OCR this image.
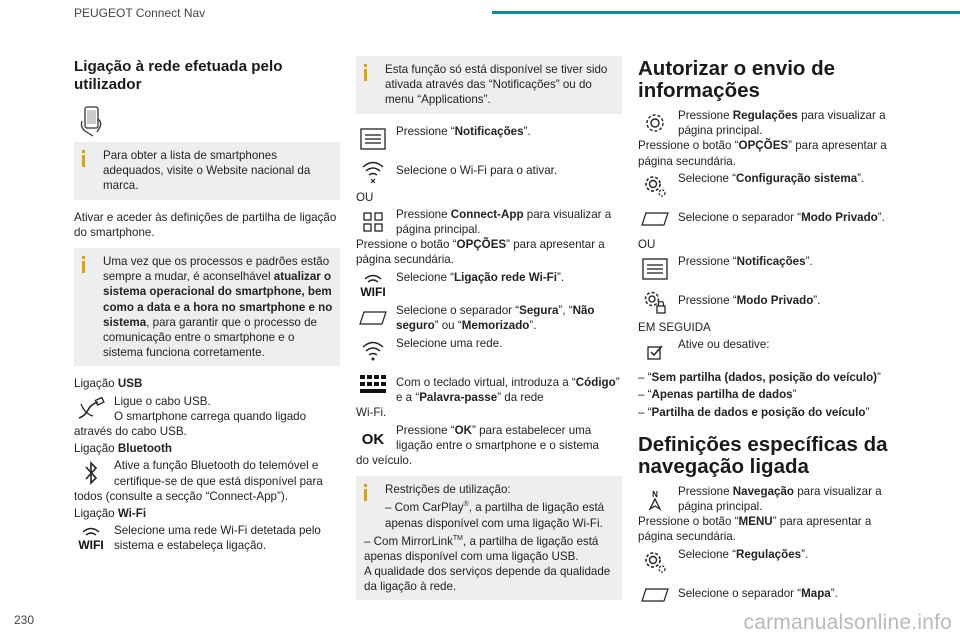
PEUGEOT Connect Nav
Ligação à rede efetuada pelo utilizador
Para obter a lista de smartphones adequados, visite o Website nacional da marca.

Ativar e aceder às definições de partilha de ligação do smartphone.

Uma vez que os processos e padrões estão sempre a mudar, é aconselhável atualizar o sistema operacional do smartphone, bem como a data e a hora no smartphone e no sistema, para garantir que o processo de comunicação entre o smartphone e o sistema funciona corretamente.
Ligação USB
Ligue o cabo USB.
O smartphone carrega quando ligado
através do cabo USB.
Ligação Bluetooth
Ative a função Bluetooth do telemóvel e certifique-se de que está disponível para
todos (consulte a secção “Connect-App”).
Ligação Wi-Fi
WIFI
Selecione uma rede Wi-Fi detetada pelo sistema e estabeleça ligação.
Esta função só está disponível se tiver sido ativada através das “Notificações” ou do menu “Applications”.
Pressione “Notificações”.
Selecione o Wi-Fi para o ativar.
OU
Pressione Connect-App para visualizar a página principal.
Pressione o botão “OPÇÕES” para apresentar a página secundária.
WIFI
Selecione “Ligação rede Wi-Fi”.
Selecione o separador “Segura”, “Não seguro” ou “Memorizado”.
Selecione uma rede.
Com o teclado virtual, introduza a “Código” e a “Palavra-passe” da rede
Wi-Fi.
OK
Pressione “OK” para estabelecer uma ligação entre o smartphone e o sistema
do veículo.
Restrições de utilização:
– Com CarPlay®, a partilha de ligação está apenas disponível com uma ligação Wi-Fi.
– Com MirrorLink™, a partilha de ligação está apenas disponível com uma ligação USB.
A qualidade dos serviços depende da qualidade da ligação à rede.
Autorizar o envio de informações
Pressione Regulações para visualizar a página principal.
Pressione o botão “OPÇÕES” para apresentar a página secundária.
Selecione “Configuração sistema”.
Selecione o separador “Modo Privado”.
OU
Pressione “Notificações”.
Pressione “Modo Privado”.
EM SEGUIDA
Ative ou desative:
– “Sem partilha (dados, posição do veículo)”
– “Apenas partilha de dados”
– “Partilha de dados e posição do veículo”
Definições específicas da navegação ligada
N Pressione Navegação para visualizar a página principal.
Pressione o botão “MENU” para apresentar a página secundária.
Selecione “Regulações”.
Selecione o separador “Mapa”.
230	carmanualsonline.info
